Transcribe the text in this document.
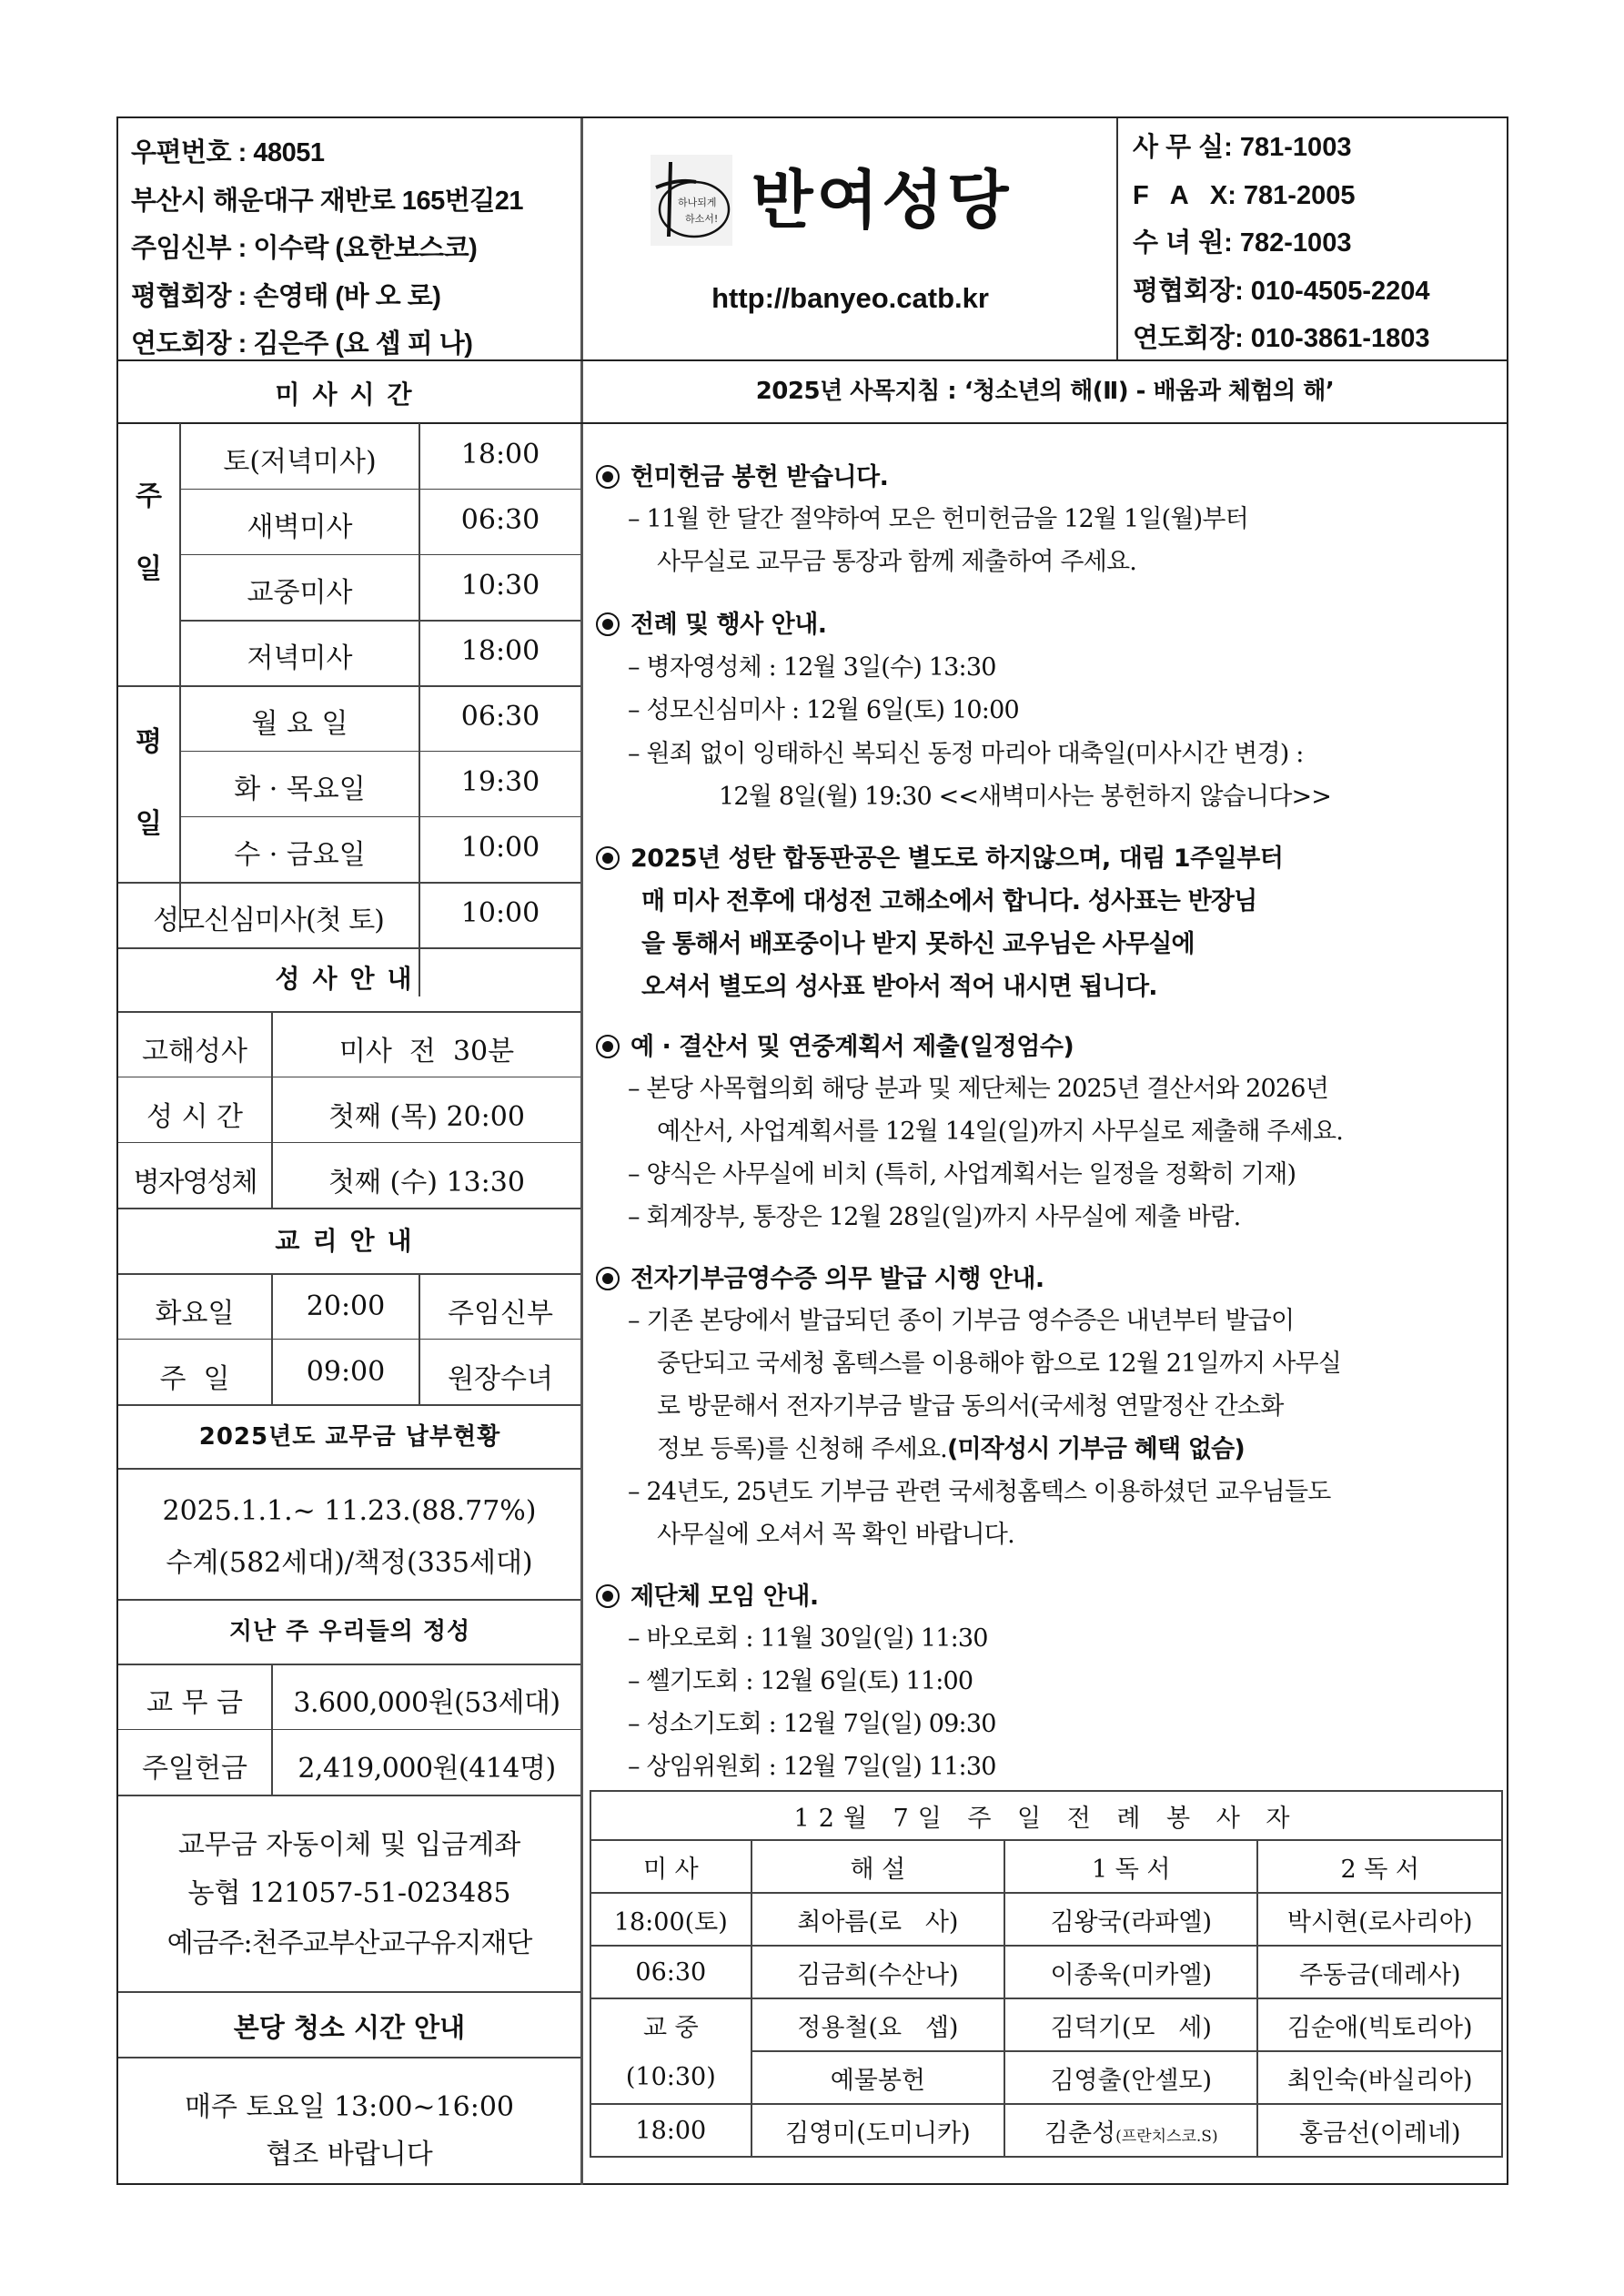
우편번호 : 48051
부산시 해운대구 재반로 165번길21
주임신부 : 이수락 (요한보스코)
평협회장 : 손영태 (바 오 로)
연도회장 : 김은주 (요 셉 피 나)
하나되게
하소서! 반여성당
http://banyeo.catb.kr
사 무 실: 781-1003
F   A   X: 781-2005
수 녀 원: 782-1003
평협회장: 010-4505-2204
연도회장: 010-3861-1803
미사시간	2025년 사목지침 : ‘청소년의 해(Ⅱ) - 배움과 체험의 해’
주
일
평
일
토(저녁미사)	18:00
새벽미사	06:30
교중미사	10:30
저녁미사	18:00
월 요 일	06:30
화 · 목요일	19:30
수 · 금요일	10:00
성모신심미사(첫 토)	10:00
성사안내
고해성사	미사  전  30분
성 시 간	첫째 (목) 20:00
병자영성체	첫째 (수) 13:30
교리안내
화요일	20:00	주임신부
주  일	09:00	원장수녀
2025년도 교무금 납부현황
2025.1.1.~ 11.23.(88.77%)
수계(582세대)/책정(335세대)
지난 주 우리들의 정성
교 무 금	3.600,000원(53세대)
주일헌금	2,419,000원(414명)
교무금 자동이체 및 입금계좌
농협 121057-51-023485
예금주:천주교부산교구유지재단
본당 청소 시간 안내
매주 토요일 13:00~16:00
협조 바랍니다
헌미헌금 봉헌 받습니다.
– 11월 한 달간 절약하여 모은 헌미헌금을 12월 1일(월)부터
사무실로 교무금 통장과 함께 제출하여 주세요.
전례 및 행사 안내.
– 병자영성체 : 12월 3일(수) 13:30
– 성모신심미사 : 12월 6일(토) 10:00
– 원죄 없이 잉태하신 복되신 동정 마리아 대축일(미사시간 변경) :
12월 8일(월) 19:30 <<새벽미사는 봉헌하지 않습니다>>
2025년 성탄 합동판공은 별도로 하지않으며, 대림 1주일부터
매 미사 전후에 대성전 고해소에서 합니다. 성사표는 반장님
을 통해서 배포중이나 받지 못하신 교우님은 사무실에
오셔서 별도의 성사표 받아서 적어 내시면 됩니다.
예 · 결산서 및 연중계획서 제출(일정엄수)
– 본당 사목협의회 해당 분과 및 제단체는 2025년 결산서와 2026년
예산서, 사업계획서를 12월 14일(일)까지 사무실로 제출해 주세요.
– 양식은 사무실에 비치 (특히, 사업계획서는 일정을 정확히 기재)
– 회계장부, 통장은 12월 28일(일)까지 사무실에 제출 바람.
전자기부금영수증 의무 발급 시행 안내.
– 기존 본당에서 발급되던 종이 기부금 영수증은 내년부터 발급이
중단되고 국세청 홈텍스를 이용해야 함으로 12월 21일까지 사무실
로 방문해서 전자기부금 발급 동의서(국세청 연말정산 간소화
정보 등록)를 신청해 주세요.(미작성시 기부금 혜택 없슴)
– 24년도, 25년도 기부금 관련 국세청홈텍스 이용하셨던 교우님들도
사무실에 오셔서 꼭 확인 바랍니다.
제단체 모임 안내.
– 바오로회 : 11월 30일(일) 11:30
– 쎌기도회 : 12월 6일(토) 11:00
– 성소기도회 : 12월 7일(일) 09:30
– 상임위원회 : 12월 7일(일) 11:30
12월 7일 주 일 전 례 봉 사 자			
미 사	해 설	1 독 서	2 독 서
18:00(토)	최아름(로   사)	김왕국(라파엘)	박시현(로사리아)
06:30	김금희(수산나)	이종욱(미카엘)	주동금(데레사)
교 중	정용철(요   셉)	김덕기(모   세)	김순애(빅토리아)
(10:30)	예물봉헌	김영출(안셀모)	최인숙(바실리아)
18:00	김영미(도미니카)	김춘성(프란치스코.S)	홍금선(이레네)
